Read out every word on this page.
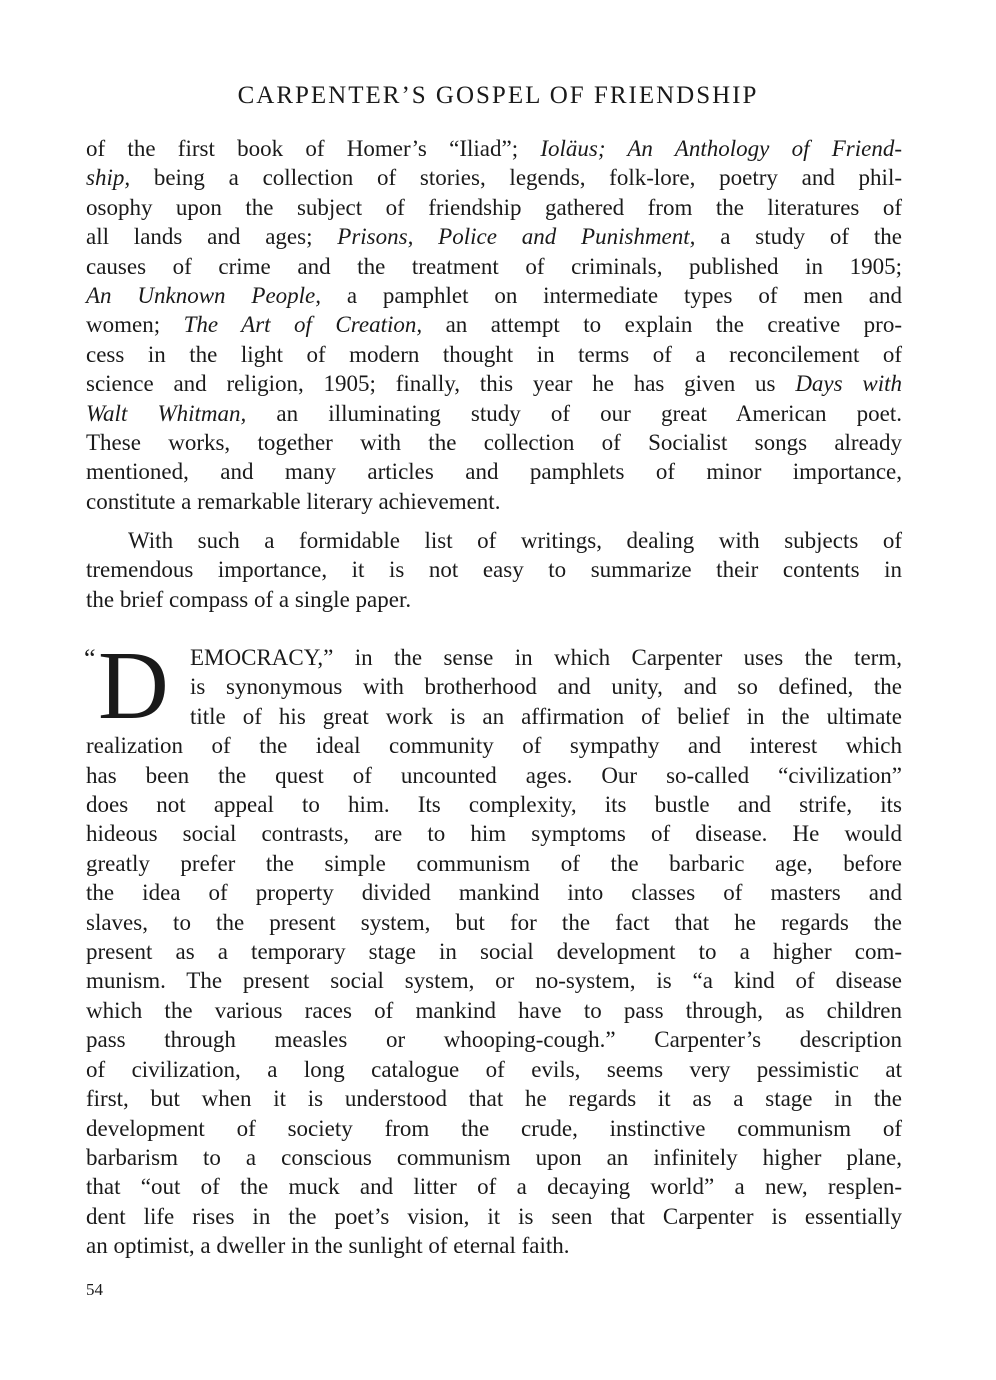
CARPENTER’S GOSPEL OF FRIENDSHIP
of the first book of Homer’s “Iliad”; Ioläus; An Anthology of Friend-
ship, being a collection of stories, legends, folk-lore, poetry and phil-
osophy upon the subject of friendship gathered from the literatures of
all lands and ages; Prisons, Police and Punishment, a study of the
causes of crime and the treatment of criminals, published in 1905;
An Unknown People, a pamphlet on intermediate types of men and
women; The Art of Creation, an attempt to explain the creative pro-
cess in the light of modern thought in terms of a reconcilement of
science and religion, 1905; finally, this year he has given us Days with
Walt Whitman, an illuminating study of our great American poet.
These works, together with the collection of Socialist songs already
mentioned, and many articles and pamphlets of minor importance,
constitute a remarkable literary achievement.
With such a formidable list of writings, dealing with subjects of
tremendous importance, it is not easy to summarize their contents in
the brief compass of a single paper.
“ D EMOCRACY,” in the sense in which Carpenter uses the term,
is synonymous with brotherhood and unity, and so defined, the
title of his great work is an affirmation of belief in the ultimate
realization of the ideal community of sympathy and interest which
has been the quest of uncounted ages. Our so-called “civilization”
does not appeal to him. Its complexity, its bustle and strife, its
hideous social contrasts, are to him symptoms of disease. He would
greatly prefer the simple communism of the barbaric age, before
the idea of property divided mankind into classes of masters and
slaves, to the present system, but for the fact that he regards the
present as a temporary stage in social development to a higher com-
munism. The present social system, or no-system, is “a kind of disease
which the various races of mankind have to pass through, as children
pass through measles or whooping-cough.” Carpenter’s description
of civilization, a long catalogue of evils, seems very pessimistic at
first, but when it is understood that he regards it as a stage in the
development of society from the crude, instinctive communism of
barbarism to a conscious communism upon an infinitely higher plane,
that “out of the muck and litter of a decaying world” a new, resplen-
dent life rises in the poet’s vision, it is seen that Carpenter is essentially
an optimist, a dweller in the sunlight of eternal faith.
54
